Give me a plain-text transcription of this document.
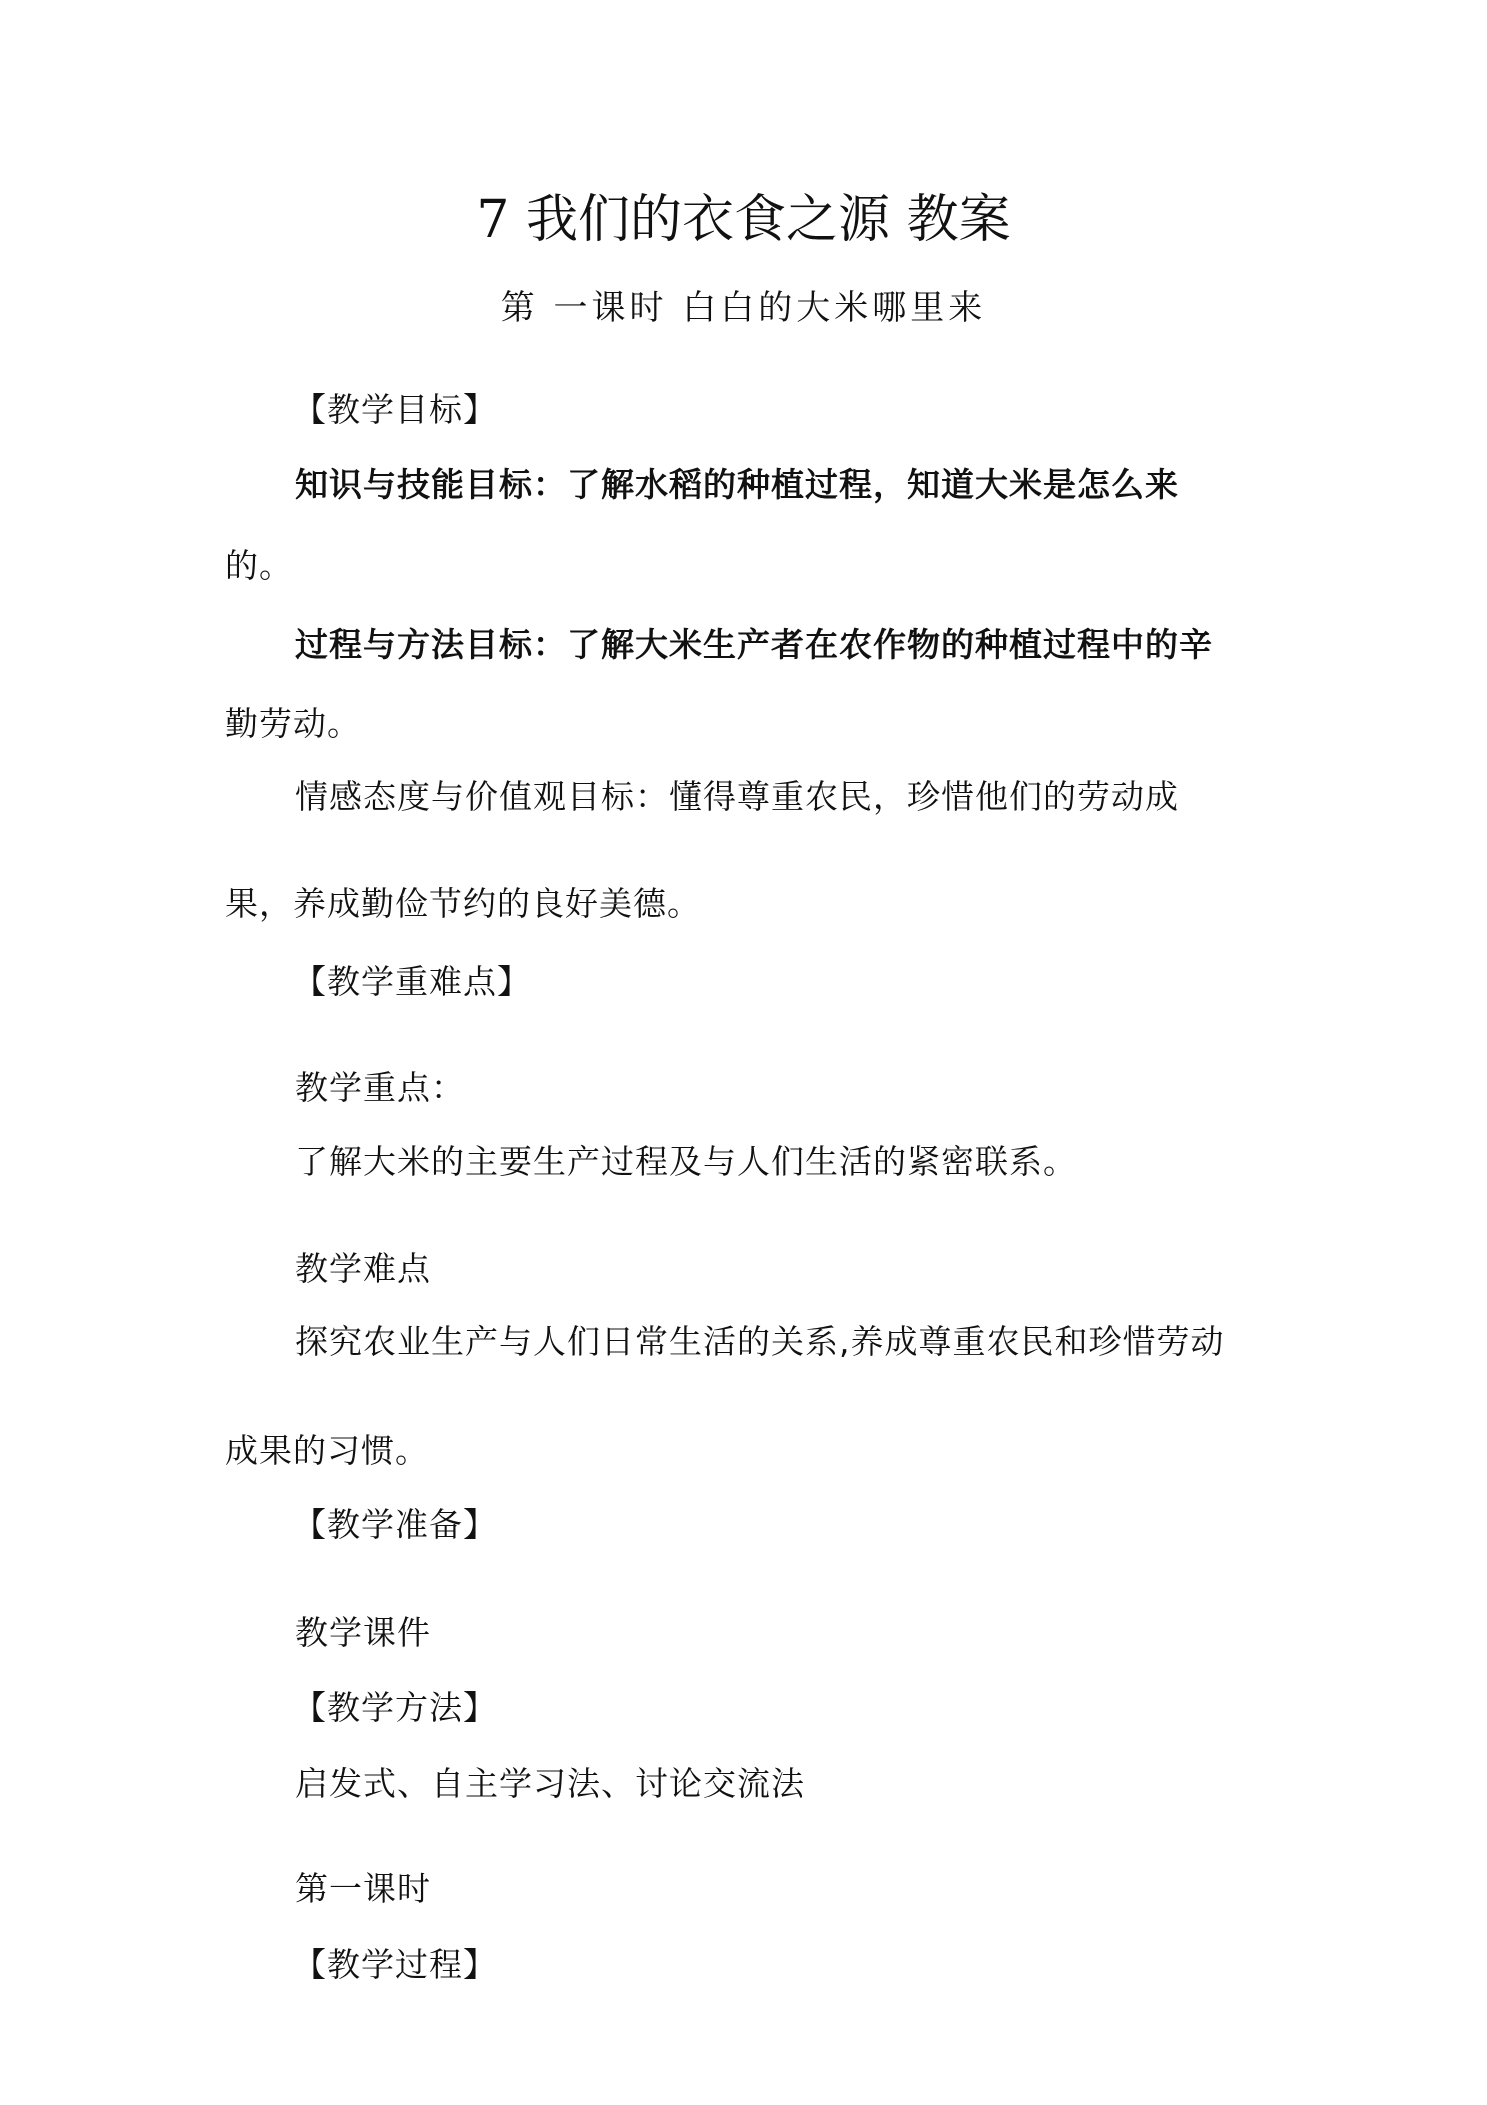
7 我们的衣食之源 教案
第 一课时 白白的大米哪里来
【教学目标】
知识与技能目标：了解水稻的种植过程，知道大米是怎么来
的。
过程与方法目标：了解大米生产者在农作物的种植过程中的辛
勤劳动。
情感态度与价值观目标：懂得尊重农民，珍惜他们的劳动成
果，养成勤俭节约的良好美德。
【教学重难点】
教学重点：
了解大米的主要生产过程及与人们生活的紧密联系。
教学难点
探究农业生产与人们日常生活的关系,养成尊重农民和珍惜劳动
成果的习惯。
【教学准备】
教学课件
【教学方法】
启发式、自主学习法、讨论交流法
第一课时
【教学过程】
